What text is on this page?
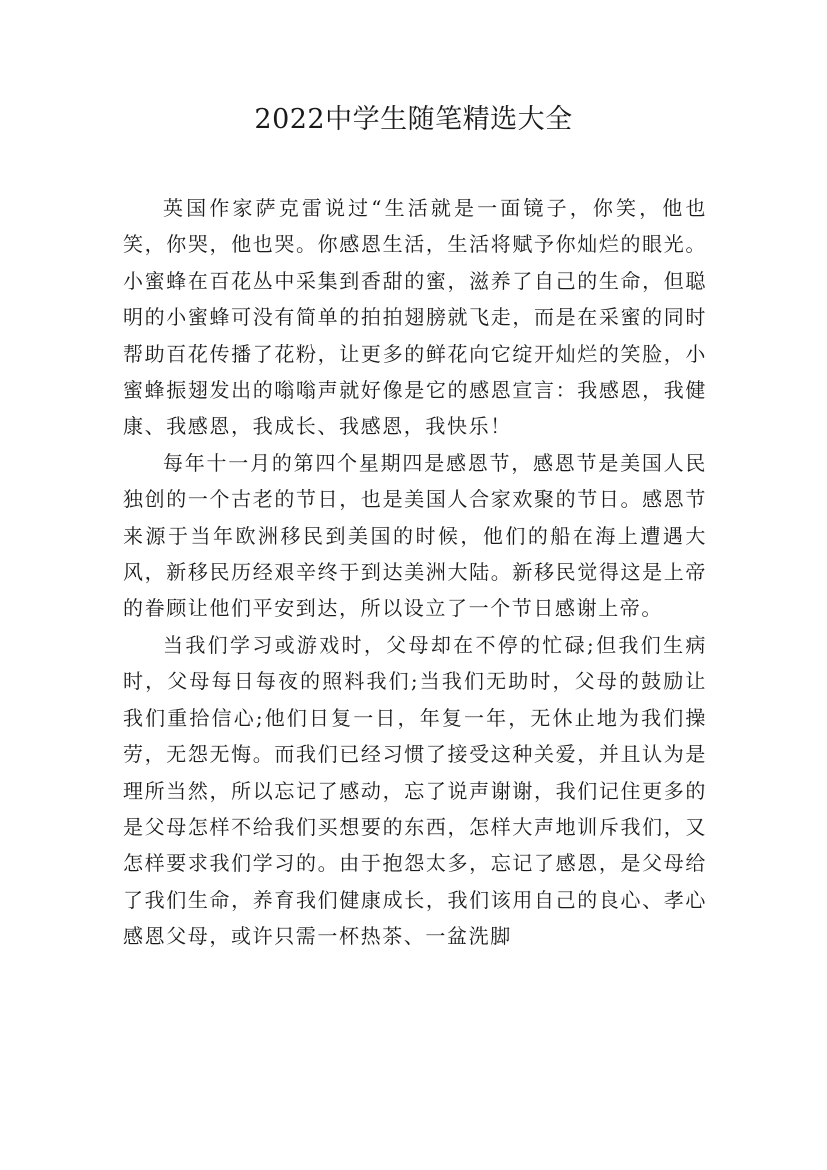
2022中学生随笔精选大全

英国作家萨克雷说过“生活就是一面镜子，你笑，他也笑，你哭，他也哭。你感恩生活，生活将赋予你灿烂的眼光。小蜜蜂在百花丛中采集到香甜的蜜，滋养了自己的生命，但聪明的小蜜蜂可没有简单的拍拍翅膀就飞走，而是在采蜜的同时帮助百花传播了花粉，让更多的鲜花向它绽开灿烂的笑脸，小蜜蜂振翅发出的嗡嗡声就好像是它的感恩宣言：我感恩，我健康、我感恩，我成长、我感恩，我快乐！

每年十一月的第四个星期四是感恩节，感恩节是美国人民独创的一个古老的节日，也是美国人合家欢聚的节日。感恩节来源于当年欧洲移民到美国的时候，他们的船在海上遭遇大风，新移民历经艰辛终于到达美洲大陆。新移民觉得这是上帝的眷顾让他们平安到达，所以设立了一个节日感谢上帝。

当我们学习或游戏时，父母却在不停的忙碌;但我们生病时，父母每日每夜的照料我们;当我们无助时，父母的鼓励让我们重拾信心;他们日复一日，年复一年，无休止地为我们操劳，无怨无悔。而我们已经习惯了接受这种关爱，并且认为是理所当然，所以忘记了感动，忘了说声谢谢，我们记住更多的是父母怎样不给我们买想要的东西，怎样大声地训斥我们，又怎样要求我们学习的。由于抱怨太多，忘记了感恩，是父母给了我们生命，养育我们健康成长，我们该用自己的良心、孝心感恩父母，或许只需一杯热茶、一盆洗脚
